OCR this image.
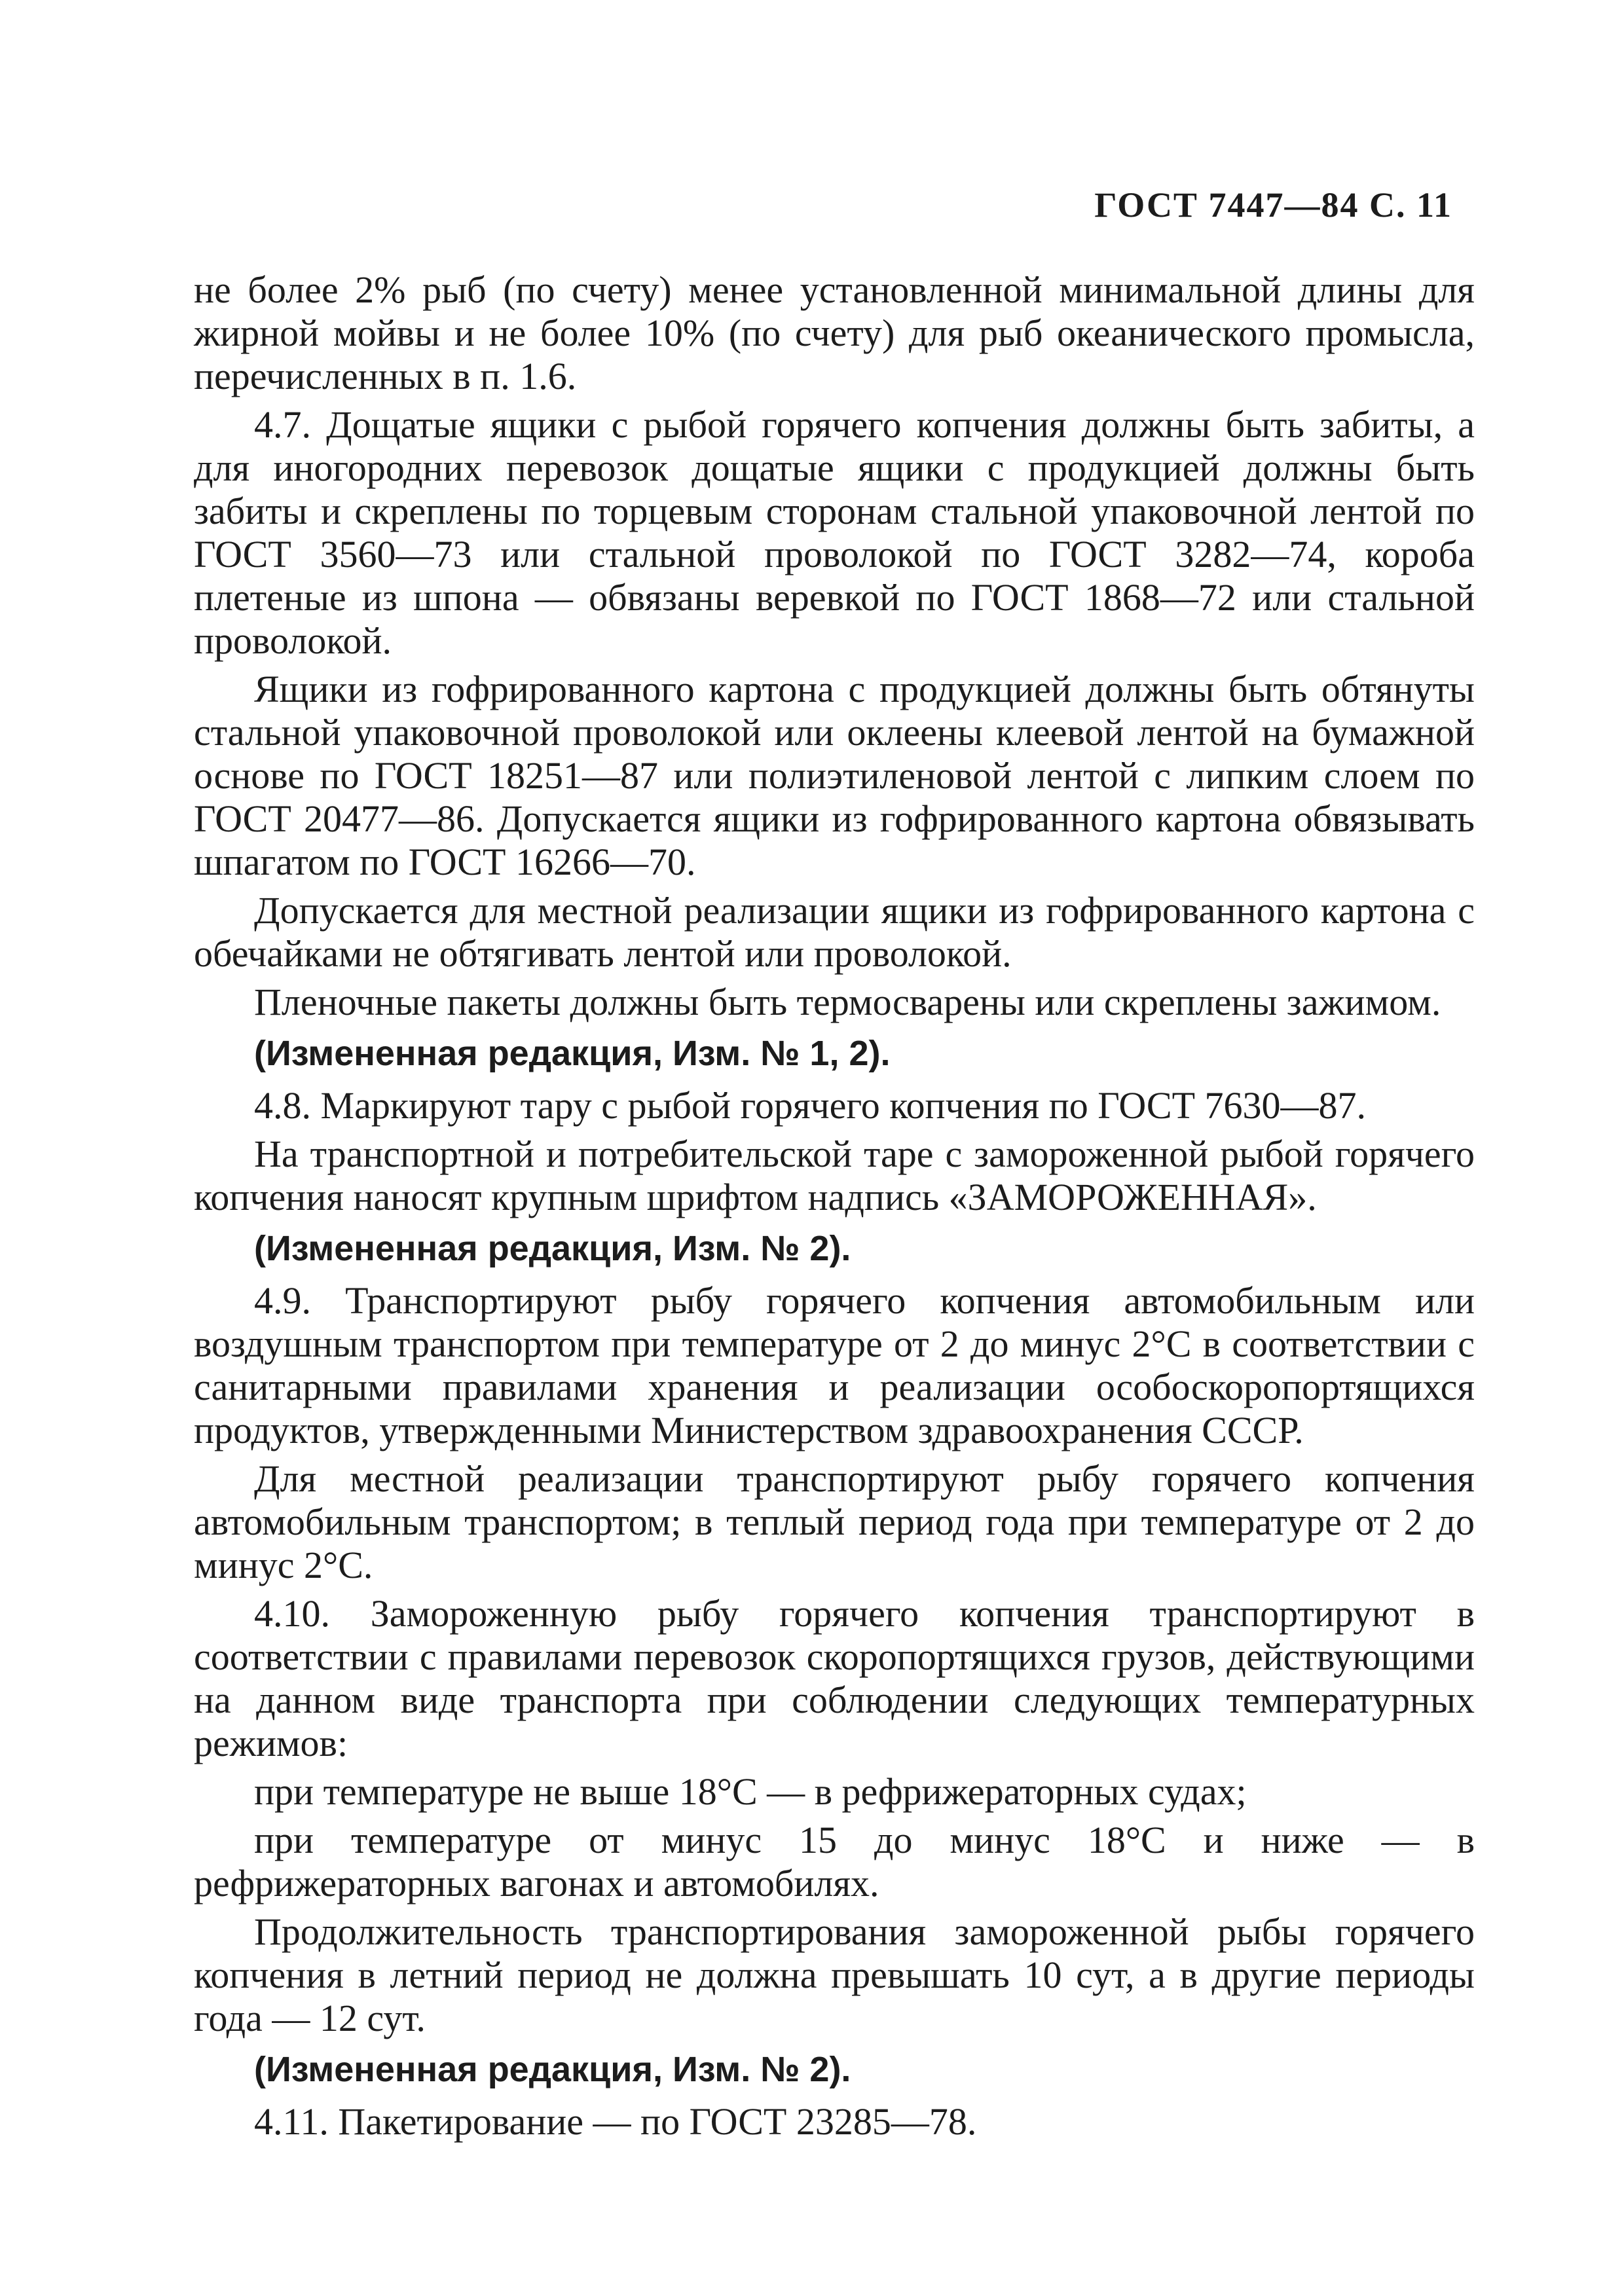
ГОСТ 7447—84 С. 11

не более 2% рыб (по счету) менее установленной минимальной длины для жирной мойвы и не более 10% (по счету) для рыб океанического промысла, перечисленных в п. 1.6.

4.7. Дощатые ящики с рыбой горячего копчения должны быть забиты, а для иногородних перевозок дощатые ящики с продукцией должны быть забиты и скреплены по торцевым сторонам стальной упаковочной лентой по ГОСТ 3560—73 или стальной проволокой по ГОСТ 3282—74, короба плетеные из шпона — обвязаны веревкой по ГОСТ 1868—72 или стальной проволокой.

Ящики из гофрированного картона с продукцией должны быть обтянуты стальной упаковочной проволокой или оклеены клеевой лентой на бумажной основе по ГОСТ 18251—87 или полиэтиленовой лентой с липким слоем по ГОСТ 20477—86. Допускается ящики из гофрированного картона обвязывать шпагатом по ГОСТ 16266—70.

Допускается для местной реализации ящики из гофрированного картона с обечайками не обтягивать лентой или проволокой.

Пленочные пакеты должны быть термосварены или скреплены зажимом.

(Измененная редакция, Изм. № 1, 2).

4.8. Маркируют тару с рыбой горячего копчения по ГОСТ 7630—87.

На транспортной и потребительской таре с замороженной рыбой горячего копчения наносят крупным шрифтом надпись «ЗАМОРОЖЕННАЯ».

(Измененная редакция, Изм. № 2).

4.9. Транспортируют рыбу горячего копчения автомобильным или воздушным транспортом при температуре от 2 до минус 2°С в соответствии с санитарными правилами хранения и реализации особоскоропортящихся продуктов, утвержденными Министерством здравоохранения СССР.

Для местной реализации транспортируют рыбу горячего копчения автомобильным транспортом; в теплый период года при температуре от 2 до минус 2°С.

4.10. Замороженную рыбу горячего копчения транспортируют в соответствии с правилами перевозок скоропортящихся грузов, действующими на данном виде транспорта при соблюдении следующих температурных режимов:

при температуре не выше 18°С — в рефрижераторных судах;

при температуре от минус 15 до минус 18°С и ниже — в рефрижераторных вагонах и автомобилях.

Продолжительность транспортирования замороженной рыбы горячего копчения в летний период не должна превышать 10 сут, а в другие периоды года — 12 сут.

(Измененная редакция, Изм. № 2).

4.11. Пакетирование — по ГОСТ 23285—78.
